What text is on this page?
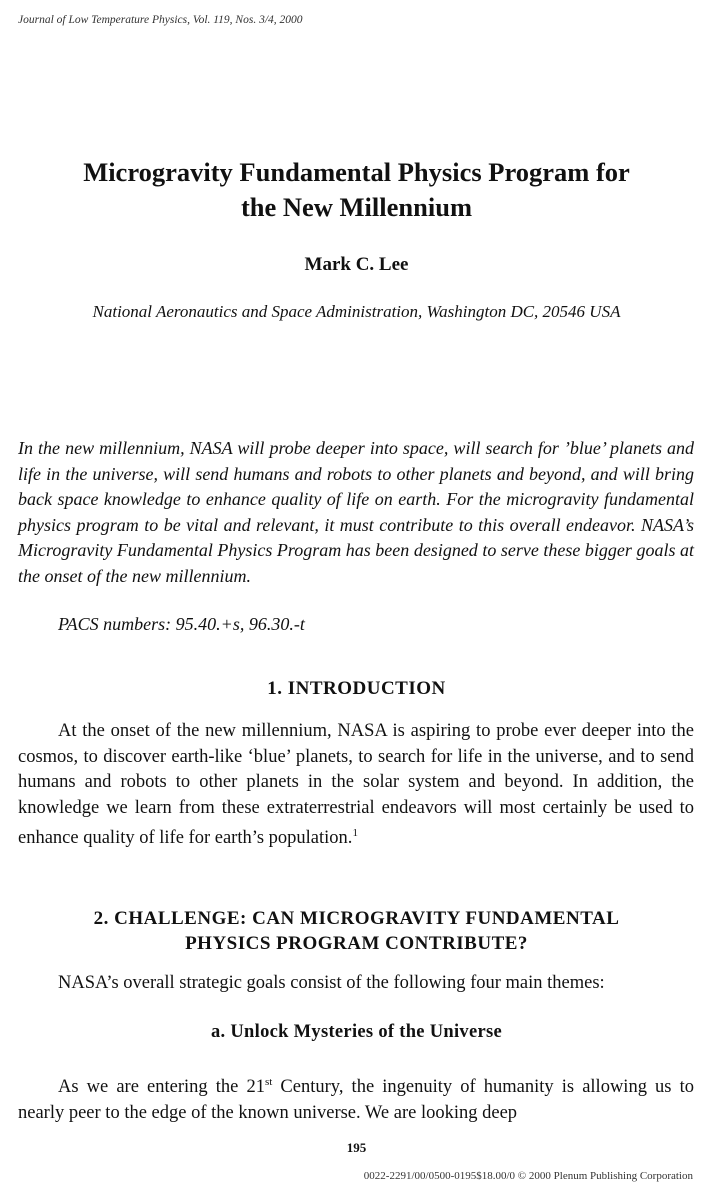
Journal of Low Temperature Physics, Vol. 119, Nos. 3/4, 2000
Microgravity Fundamental Physics Program for
the New Millennium
Mark C. Lee
National Aeronautics and Space Administration, Washington DC, 20546 USA

In the new millennium, NASA will probe deeper into space, will search for ’blue’ planets and life in the universe, will send humans and robots to other planets and beyond, and will bring back space knowledge to enhance quality of life on earth. For the microgravity fundamental physics program to be vital and relevant, it must contribute to this overall endeavor. NASA’s Microgravity Fundamental Physics Program has been designed to serve these bigger goals at the onset of the new millennium.

PACS numbers: 95.40.+s, 96.30.-t
1. INTRODUCTION

At the onset of the new millennium, NASA is aspiring to probe ever deeper into the cosmos, to discover earth-like ‘blue’ planets, to search for life in the universe, and to send humans and robots to other planets in the solar system and beyond. In addition, the knowledge we learn from these extraterrestrial endeavors will most certainly be used to enhance quality of life for earth’s population.$^1$

2. CHALLENGE: CAN MICROGRAVITY FUNDAMENTAL
PHYSICS PROGRAM CONTRIBUTE?
NASA’s overall strategic goals consist of the following four main themes:
a. Unlock Mysteries of the Universe

As we are entering the 21st Century, the ingenuity of humanity is allowing us to nearly peer to the edge of the known universe. We are looking deep

195
0022-2291/00/0500-0195$18.00/0 © 2000 Plenum Publishing Corporation
